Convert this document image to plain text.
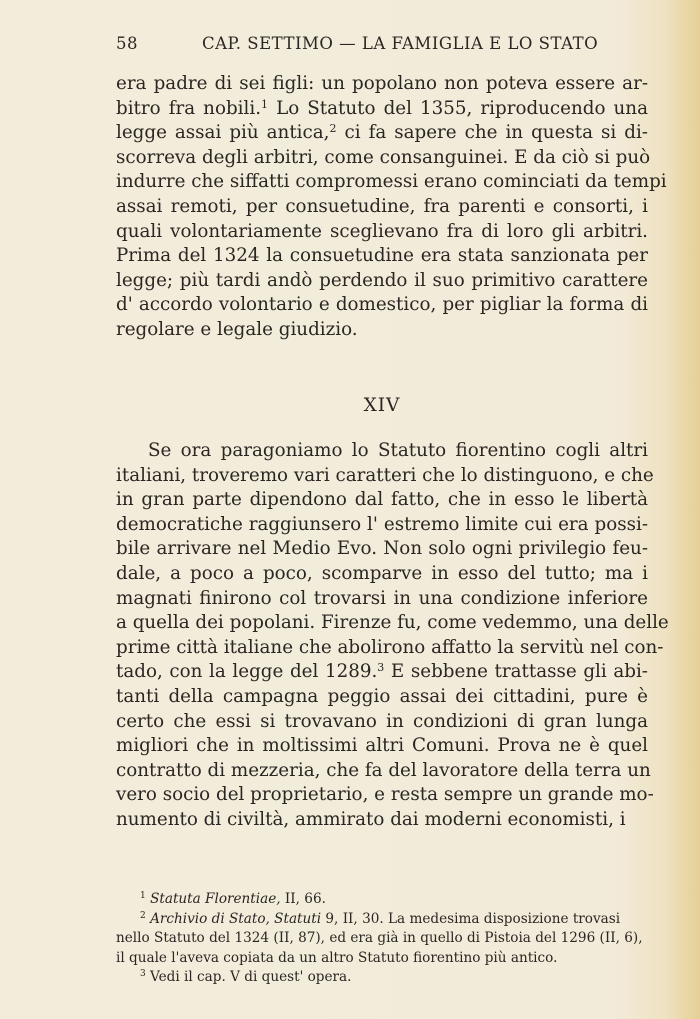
58	CAP. SETTIMO — LA FAMIGLIA E LO STATO
era padre di sei figli: un popolano non poteva essere ar-
bitro fra nobili.$^1$ Lo Statuto del 1355, riproducendo una
legge assai più antica,$^2$ ci fa sapere che in questa si di-
scorreva degli arbitri, come consanguinei. E da ciò si può
indurre che siffatti compromessi erano cominciati da tempi
assai remoti, per consuetudine, fra parenti e consorti, i
quali volontariamente sceglievano fra di loro gli arbitri.
Prima del 1324 la consuetudine era stata sanzionata per
legge; più tardi andò perdendo il suo primitivo carattere
d' accordo volontario e domestico, per pigliar la forma di
regolare e legale giudizio.
XIV
Se ora paragoniamo lo Statuto fiorentino cogli altri
italiani, troveremo vari caratteri che lo distinguono, e che
in gran parte dipendono dal fatto, che in esso le libertà
democratiche raggiunsero l' estremo limite cui era possi-
bile arrivare nel Medio Evo. Non solo ogni privilegio feu-
dale, a poco a poco, scomparve in esso del tutto; ma i
magnati finirono col trovarsi in una condizione inferiore
a quella dei popolani. Firenze fu, come vedemmo, una delle
prime città italiane che abolirono affatto la servitù nel con-
tado, con la legge del 1289.$^3$ E sebbene trattasse gli abi-
tanti della campagna peggio assai dei cittadini, pure è
certo che essi si trovavano in condizioni di gran lunga
migliori che in moltissimi altri Comuni. Prova ne è quel
contratto di mezzeria, che fa del lavoratore della terra un
vero socio del proprietario, e resta sempre un grande mo-
numento di civiltà, ammirato dai moderni economisti, i
$^1$ Statuta Florentiae, II, 66.
$^2$ Archivio di Stato, Statuti 9, II, 30. La medesima disposizione trovasi
nello Statuto del 1324 (II, 87), ed era già in quello di Pistoia del 1296 (II, 6),
il quale l'aveva copiata da un altro Statuto fiorentino più antico.
$^3$ Vedi il cap. V di quest' opera.
